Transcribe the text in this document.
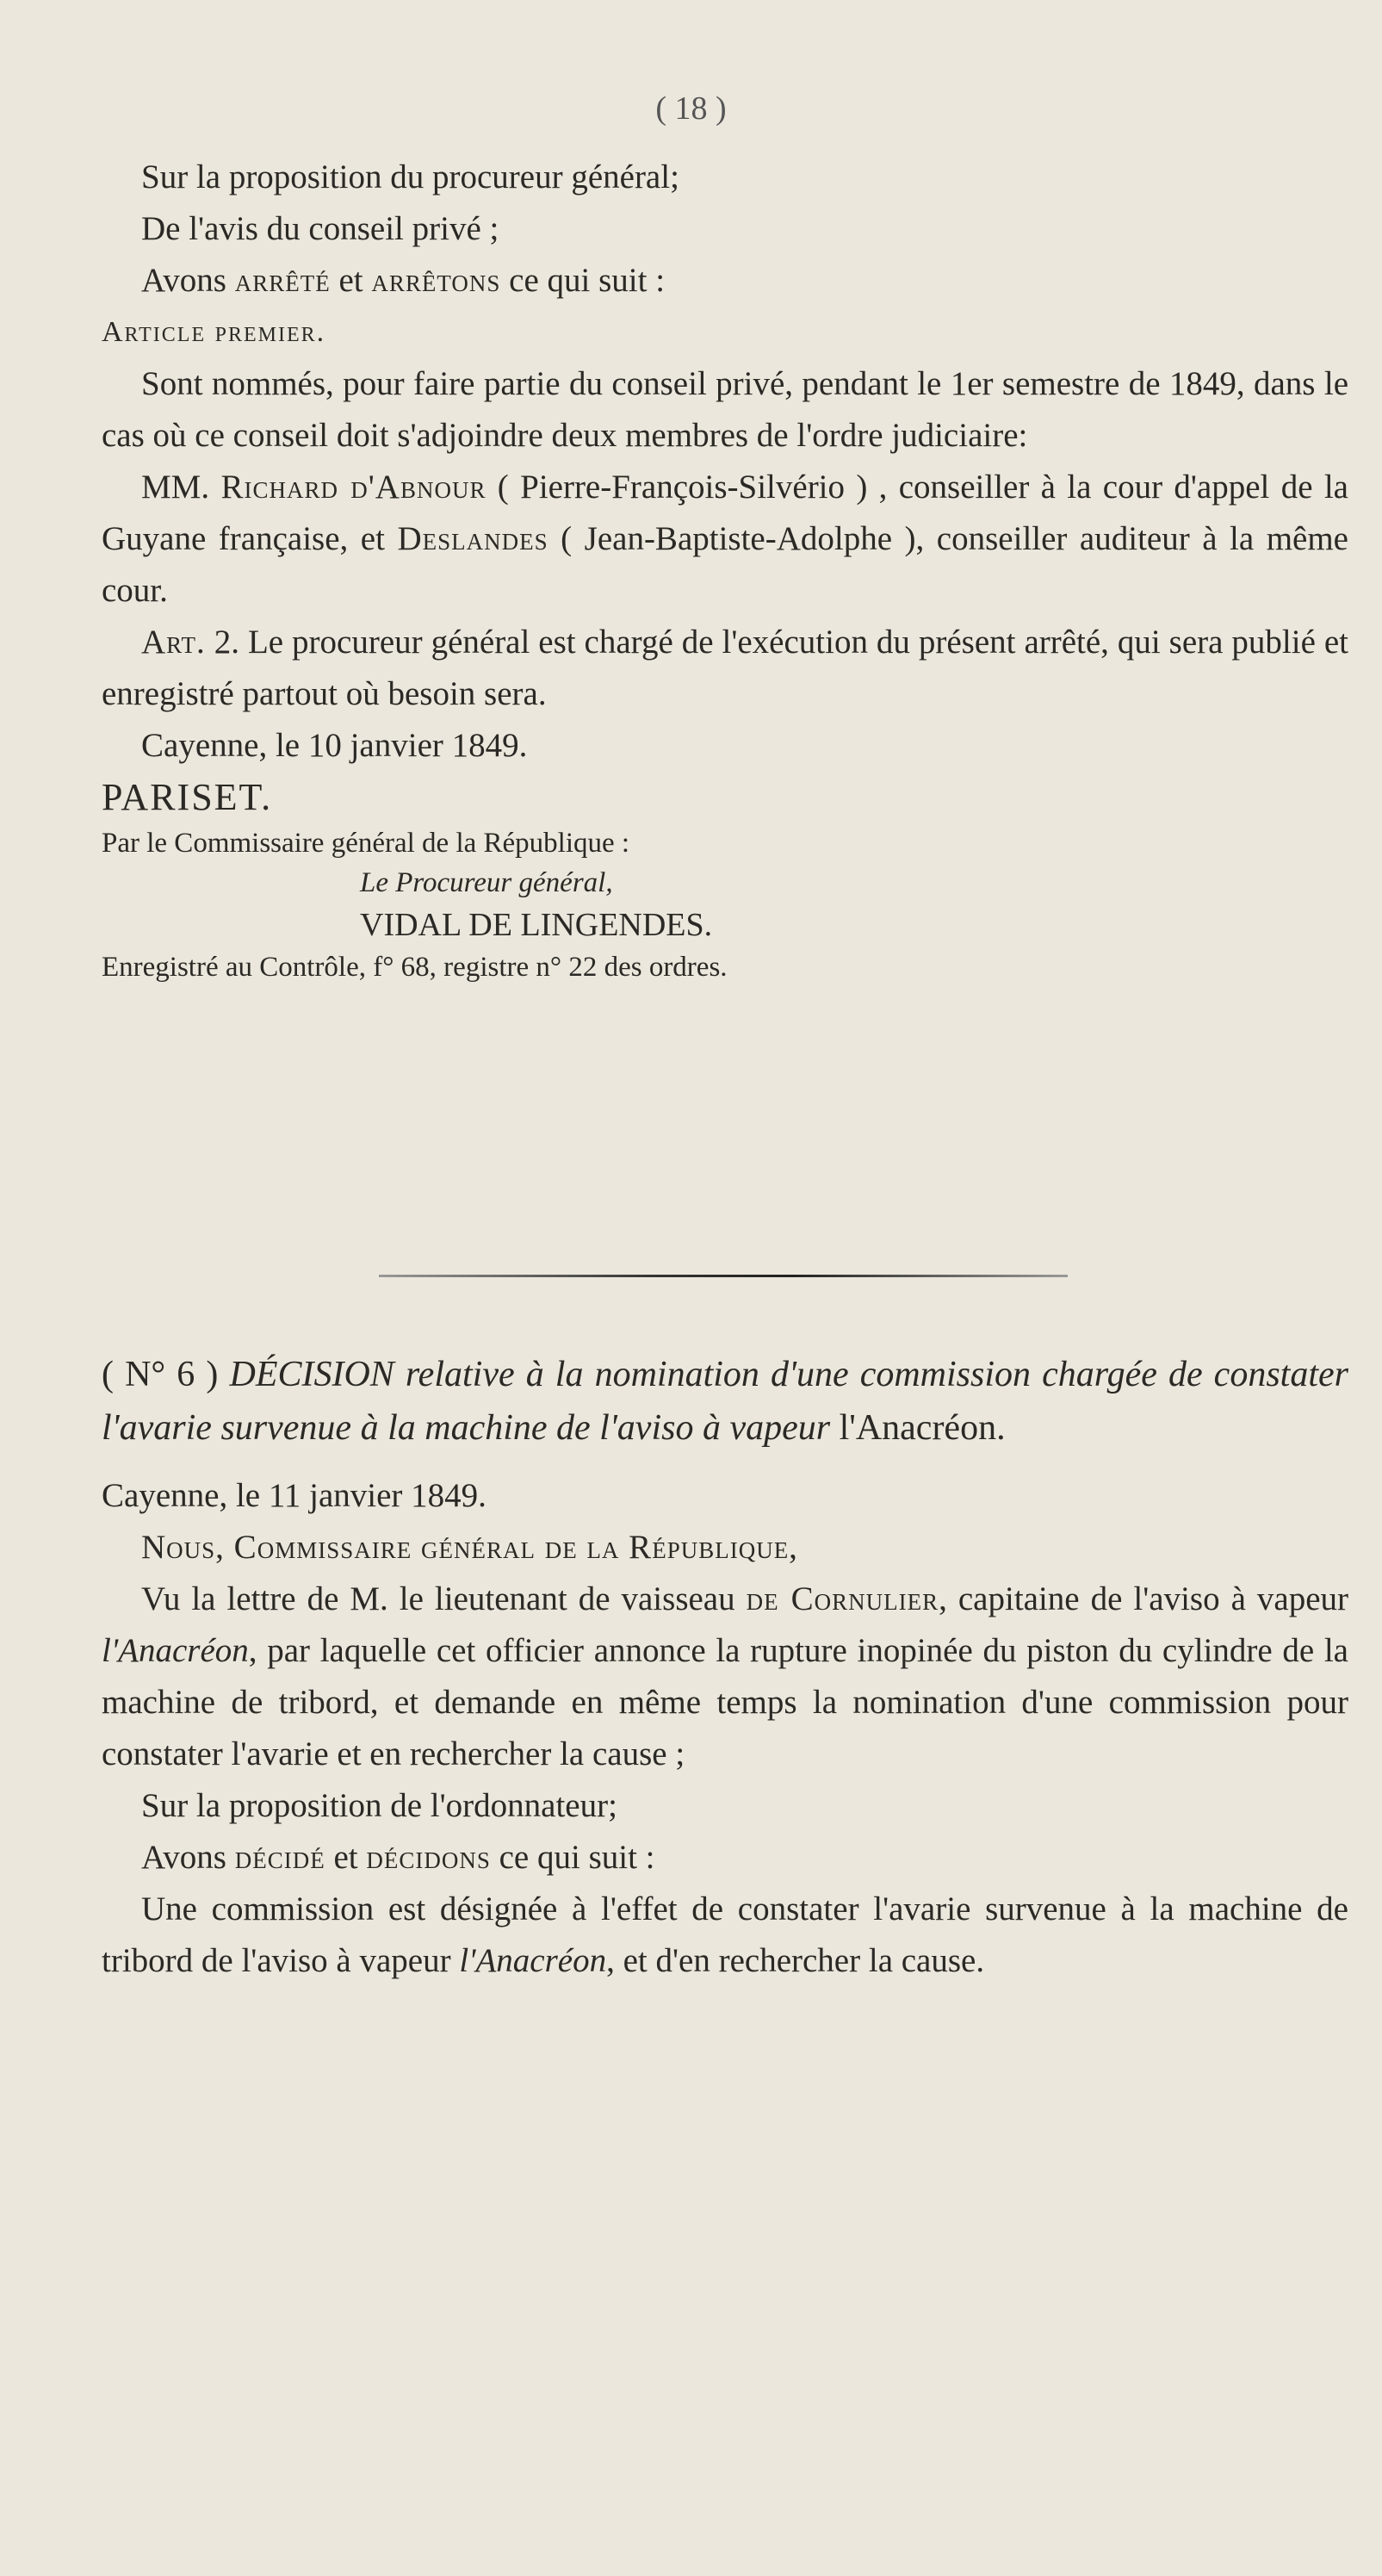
( 18 )

Sur la proposition du procureur général;

De l'avis du conseil privé ;

Avons arrêté et arrêtons ce qui suit :

Article premier.

Sont nommés, pour faire partie du conseil privé, pendant le 1er semestre de 1849, dans le cas où ce conseil doit s'adjoindre deux membres de l'ordre judiciaire:

MM. Richard d'Abnour ( Pierre-François-Silvério ) , conseiller à la cour d'appel de la Guyane française, et Deslandes ( Jean-Baptiste-Adolphe ), conseiller auditeur à la même cour.

Art. 2. Le procureur général est chargé de l'exécution du présent arrêté, qui sera publié et enregistré partout où besoin sera.

Cayenne, le 10 janvier 1849.

PARISET.

Par le Commissaire général de la République :

Le Procureur général,

VIDAL DE LINGENDES.

Enregistré au Contrôle, f° 68, registre n° 22 des ordres.

( N° 6 ) DÉCISION relative à la nomination d'une commission chargée de constater l'avarie survenue à la machine de l'aviso à vapeur l'Anacréon.

Cayenne, le 11 janvier 1849.

Nous, Commissaire général de la République,

Vu la lettre de M. le lieutenant de vaisseau de Cornulier, capitaine de l'aviso à vapeur l'Anacréon, par laquelle cet officier annonce la rupture inopinée du piston du cylindre de la machine de tribord, et demande en même temps la nomination d'une commission pour constater l'avarie et en rechercher la cause ;

Sur la proposition de l'ordonnateur;

Avons décidé et décidons ce qui suit :

Une commission est désignée à l'effet de constater l'avarie survenue à la machine de tribord de l'aviso à vapeur l'Anacréon, et d'en rechercher la cause.
